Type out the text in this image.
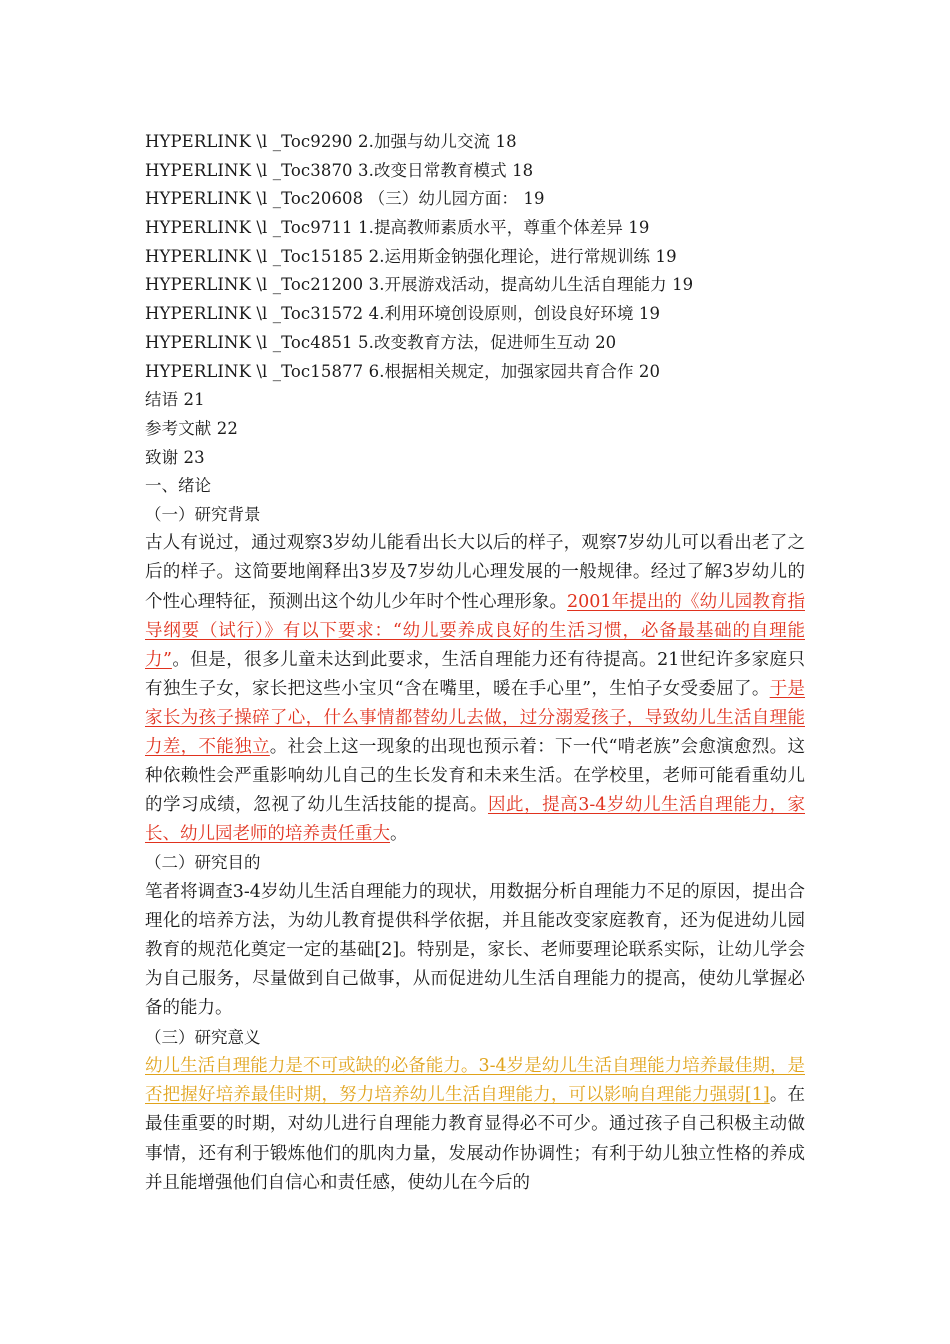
HYPERLINK \l _Toc9290 2.加强与幼儿交流 18
HYPERLINK \l _Toc3870 3.改变日常教育模式 18
HYPERLINK \l _Toc20608 （三）幼儿园方面： 19
HYPERLINK \l _Toc9711 1.提高教师素质水平，尊重个体差异 19
HYPERLINK \l _Toc15185 2.运用斯金钠强化理论，进行常规训练 19
HYPERLINK \l _Toc21200 3.开展游戏活动，提高幼儿生活自理能力 19
HYPERLINK \l _Toc31572 4.利用环境创设原则，创设良好环境 19
HYPERLINK \l _Toc4851 5.改变教育方法，促进师生互动 20
HYPERLINK \l _Toc15877 6.根据相关规定，加强家园共育合作 20
结语 21
参考文献 22
致谢 23
一、绪论
（一）研究背景

古人有说过，通过观察3岁幼儿能看出长大以后的样子，观察7岁幼儿可以看出老了之后的样子。这简要地阐释出3岁及7岁幼儿心理发展的一般规律。经过了解3岁幼儿的个性心理特征，预测出这个幼儿少年时个性心理形象。2001年提出的《幼儿园教育指导纲要（试行）》有以下要求：“幼儿要养成良好的生活习惯，必备最基础的自理能力”。但是，很多儿童未达到此要求，生活自理能力还有待提高。21世纪许多家庭只有独生子女，家长把这些小宝贝“含在嘴里，暖在手心里”，生怕子女受委屈了。于是家长为孩子操碎了心，什么事情都替幼儿去做，过分溺爱孩子，导致幼儿生活自理能力差，不能独立。社会上这一现象的出现也预示着：下一代“啃老族”会愈演愈烈。这种依赖性会严重影响幼儿自己的生长发育和未来生活。在学校里，老师可能看重幼儿的学习成绩，忽视了幼儿生活技能的提高。因此，提高3-4岁幼儿生活自理能力，家长、幼儿园老师的培养责任重大。

（二）研究目的

笔者将调查3-4岁幼儿生活自理能力的现状，用数据分析自理能力不足的原因，提出合理化的培养方法，为幼儿教育提供科学依据，并且能改变家庭教育，还为促进幼儿园教育的规范化奠定一定的基础[2]。特别是，家长、老师要理论联系实际，让幼儿学会为自己服务，尽量做到自己做事，从而促进幼儿生活自理能力的提高，使幼儿掌握必备的能力。

（三）研究意义

幼儿生活自理能力是不可或缺的必备能力。3-4岁是幼儿生活自理能力培养最佳期，是否把握好培养最佳时期，努力培养幼儿生活自理能力，可以影响自理能力强弱[1]。在最佳重要的时期，对幼儿进行自理能力教育显得必不可少。通过孩子自己积极主动做事情，还有利于锻炼他们的肌肉力量，发展动作协调性；有利于幼儿独立性格的养成并且能增强他们自信心和责任感，使幼儿在今后的
